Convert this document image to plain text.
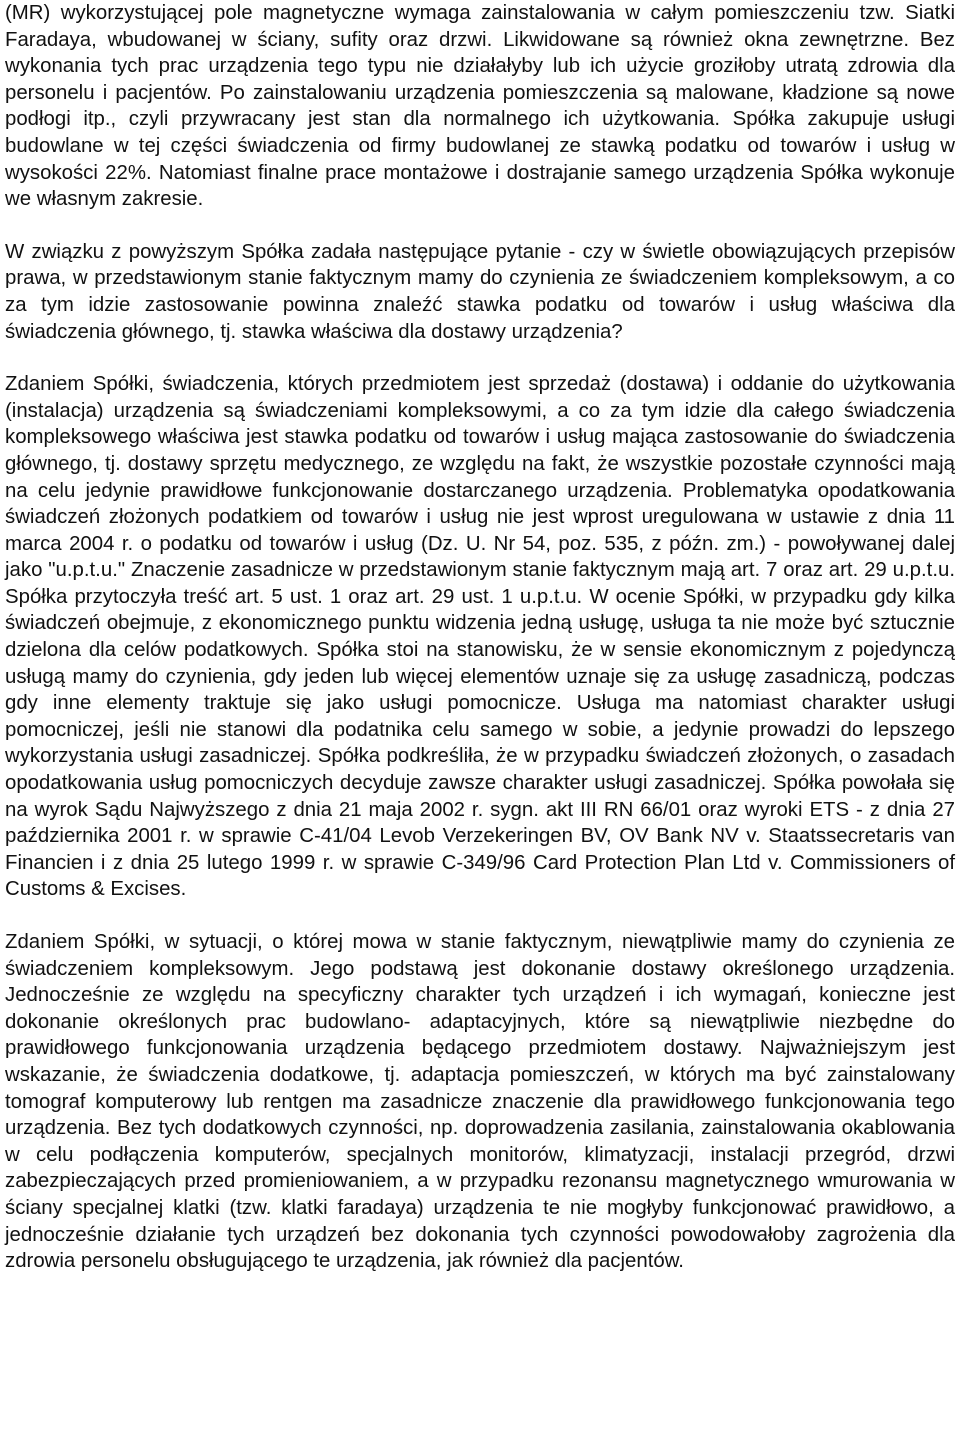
(MR) wykorzystującej pole magnetyczne wymaga zainstalowania w całym pomieszczeniu tzw. Siatki Faradaya, wbudowanej w ściany, sufity oraz drzwi. Likwidowane są również okna zewnętrzne. Bez wykonania tych prac urządzenia tego typu nie działałyby lub ich użycie groziłoby utratą zdrowia dla personelu i pacjentów. Po zainstalowaniu urządzenia pomieszczenia są malowane, kładzione są nowe podłogi itp., czyli przywracany jest stan dla normalnego ich użytkowania. Spółka zakupuje usługi budowlane w tej części świadczenia od firmy budowlanej ze stawką podatku od towarów i usług w wysokości 22%. Natomiast finalne prace montażowe i dostrajanie samego urządzenia Spółka wykonuje we własnym zakresie.

W związku z powyższym Spółka zadała następujące pytanie - czy w świetle obowiązujących przepisów prawa, w przedstawionym stanie faktycznym mamy do czynienia ze świadczeniem kompleksowym, a co za tym idzie zastosowanie powinna znaleźć stawka podatku od towarów i usług właściwa dla świadczenia głównego, tj. stawka właściwa dla dostawy urządzenia?

Zdaniem Spółki, świadczenia, których przedmiotem jest sprzedaż (dostawa) i oddanie do użytkowania (instalacja) urządzenia są świadczeniami kompleksowymi, a co za tym idzie dla całego świadczenia kompleksowego właściwa jest stawka podatku od towarów i usług mająca zastosowanie do świadczenia głównego, tj. dostawy sprzętu medycznego, ze względu na fakt, że wszystkie pozostałe czynności mają na celu jedynie prawidłowe funkcjonowanie dostarczanego urządzenia. Problematyka opodatkowania świadczeń złożonych podatkiem od towarów i usług nie jest wprost uregulowana w ustawie z dnia 11 marca 2004 r. o podatku od towarów i usług (Dz. U. Nr 54, poz. 535, z późn. zm.) - powoływanej dalej jako "u.p.t.u." Znaczenie zasadnicze w przedstawionym stanie faktycznym mają art. 7 oraz art. 29 u.p.t.u. Spółka przytoczyła treść art. 5 ust. 1 oraz art. 29 ust. 1 u.p.t.u. W ocenie Spółki, w przypadku gdy kilka świadczeń obejmuje, z ekonomicznego punktu widzenia jedną usługę, usługa ta nie może być sztucznie dzielona dla celów podatkowych. Spółka stoi na stanowisku, że w sensie ekonomicznym z pojedynczą usługą mamy do czynienia, gdy jeden lub więcej elementów uznaje się za usługę zasadniczą, podczas gdy inne elementy traktuje się jako usługi pomocnicze. Usługa ma natomiast charakter usługi pomocniczej, jeśli nie stanowi dla podatnika celu samego w sobie, a jedynie prowadzi do lepszego wykorzystania usługi zasadniczej. Spółka podkreśliła, że w przypadku świadczeń złożonych, o zasadach opodatkowania usług pomocniczych decyduje zawsze charakter usługi zasadniczej. Spółka powołała się na wyrok Sądu Najwyższego z dnia 21 maja 2002 r. sygn. akt III RN 66/01 oraz wyroki ETS - z dnia 27 października 2001 r. w sprawie C-41/04 Levob Verzekeringen BV, OV Bank NV v. Staatssecretaris van Financien i z dnia 25 lutego 1999 r. w sprawie C-349/96 Card Protection Plan Ltd v. Commissioners of Customs & Excises.

Zdaniem Spółki, w sytuacji, o której mowa w stanie faktycznym, niewątpliwie mamy do czynienia ze świadczeniem kompleksowym. Jego podstawą jest dokonanie dostawy określonego urządzenia. Jednocześnie ze względu na specyficzny charakter tych urządzeń i ich wymagań, konieczne jest dokonanie określonych prac budowlano- adaptacyjnych, które są niewątpliwie niezbędne do prawidłowego funkcjonowania urządzenia będącego przedmiotem dostawy. Najważniejszym jest wskazanie, że świadczenia dodatkowe, tj. adaptacja pomieszczeń, w których ma być zainstalowany tomograf komputerowy lub rentgen ma zasadnicze znaczenie dla prawidłowego funkcjonowania tego urządzenia. Bez tych dodatkowych czynności, np. doprowadzenia zasilania, zainstalowania okablowania w celu podłączenia komputerów, specjalnych monitorów, klimatyzacji, instalacji przegród, drzwi zabezpieczających przed promieniowaniem, a w przypadku rezonansu magnetycznego wmurowania w ściany specjalnej klatki (tzw. klatki faradaya) urządzenia te nie mogłyby funkcjonować prawidłowo, a jednocześnie działanie tych urządzeń bez dokonania tych czynności powodowałoby zagrożenia dla zdrowia personelu obsługującego te urządzenia, jak również dla pacjentów.
